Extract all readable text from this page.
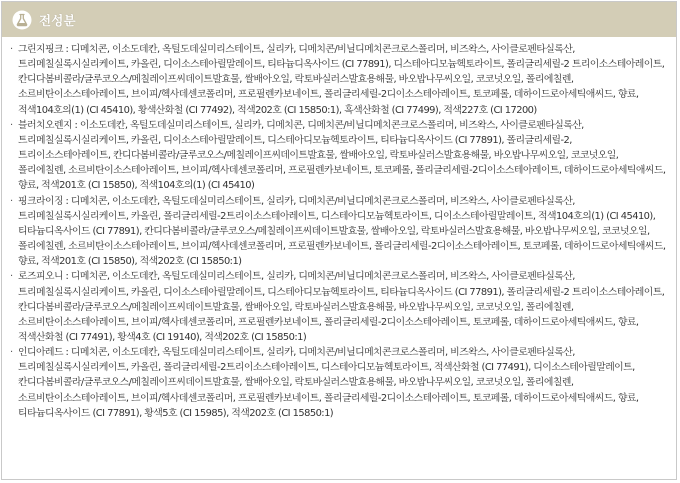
전성분
· 그린지핑크 : 디메치콘, 이소도데칸, 옥틸도데실미리스테이트, 실리카, 디메치콘/비닐디메치콘크로스폴리머, 비즈왁스, 사이클로펜타실록산, 트리메칠실록시실리케이트, 카올린, 디이소스테아릴말레이트, 티타늄디옥사이드 (CI 77891), 디스테아디모늄헥토라이트, 폴리글리세릴-2 트리이소스테아레이트, 칸디다봄비콜라/글루코오스/메칠레이프씨데이트발효물, 쌀배아오일, 락토바실러스발효용해물, 바오밥나무씨오일, 코코넛오일, 폴리에칠렌, 소르비탄이소스테아레이트, 브이피/헥사데센코폴리머, 프로필렌카보네이트, 폴리글리세릴-2디이소스테아레이트, 토코페롤, 데하이드로아세틱애씨드, 향료, 적색104호의(1) (CI 45410), 황색산화철 (CI 77492), 적색202호 (CI 15850:1), 흑색산화철 (CI 77499), 적색227호 (CI 17200)
· 블러치오렌지 : 이소도데칸, 옥틸도데실미리스테이트, 실리카, 디메치콘, 디메치콘/비닐디메치콘크로스폴리머, 비즈왁스, 사이클로펜타실록산, 트리메칠실록시실리케이트, 카올린, 디이소스테아릴말레이트, 디스테아디모늄헥토라이트, 티타늄디옥사이드 (CI 77891), 폴리글리세릴-2, 트리이소스테아레이트, 칸디다봄비콜라/글루코오스/메칠레이프씨데이트발효물, 쌀배아오일, 락토바실러스발효용해물, 바오밥나무씨오일, 코코넛오일, 폴리에칠렌, 소르비탄이소스테아레이트, 브이피/헥사데센코폴리머, 프로필렌카보네이트, 토코페롤, 폴리글리세릴-2디이소스테아레이트, 데하이드로아세틱애씨드, 향료, 적색201호 (CI 15850), 적색104호의(1) (CI 45410)
· 핑크라이징 : 디메치콘, 이소도데칸, 옥틸도데실미리스테이트, 실리카, 디메치콘/비닐디메치콘크로스폴리머, 비즈왁스, 사이클로펜타실록산, 트리메칠실록시실리케이트, 카올린, 폴리글리세릴-2트리이소스테아레이트, 디스테아디모늄헥토라이트, 디이소스테아릴말레이트, 적색104호의(1) (CI 45410), 티타늄디옥사이드 (CI 77891), 칸디다봄비콜라/글루코오스/메칠레이프씨데이트발효물, 쌀배아오일, 락토바실러스발효용해물, 바오밥나무씨오일, 코코넛오일, 폴리에칠렌, 소르비탄이소스테아레이트, 브이피/헥사데센코폴리머, 프로필렌카보네이트, 폴리글리세릴-2디이소스테아레이트, 토코페롤, 데하이드로아세틱애씨드, 향료, 적색201호 (CI 15850), 적색202호 (CI 15850:1)
· 로즈피오니 : 디메치콘, 이소도데칸, 옥틸도데실미리스테이트, 실리카, 디메치콘/비닐디메치콘크로스폴리머, 비즈왁스, 사이클로펜타실록산, 트리메칠실록시실리케이트, 카올린, 디이소스테아릴말레이트, 디스테아디모늄헥토라이트, 티타늄디옥사이드 (CI 77891), 폴리글리세릴-2 트리이소스테아레이트, 칸디다봄비콜라/글루코오스/메칠레이프씨데이트발효물, 쌀배아오일, 락토바실러스발효용해물, 바오밥나무씨오일, 코코넛오일, 폴리에칠렌, 소르비탄이소스테아레이트, 브이피/헥사데센코폴리머, 프로필렌카보네이트, 폴리글리세릴-2디이소스테아레이트, 토코페롤, 데하이드로아세틱애씨드, 향료, 적색산화철 (CI 77491), 황색4호 (CI 19140), 적색202호 (CI 15850:1)
· 인디아레드 : 디메치콘, 이소도데칸, 옥틸도데실미리스테이트, 실리카, 디메치콘/비닐디메치콘크로스폴리머, 비즈왁스, 사이클로펜타실록산, 트리메칠실록시실리케이트, 카올린, 폴리글리세릴-2트리이소스테아레이트, 디스테아디모늄헥토라이트, 적색산화철 (CI 77491), 디이소스테아릴말레이트, 칸디다봄비콜라/글루코오스/메칠레이프씨데이트발효물, 쌀배아오일, 락토바실러스발효용해물, 바오밥나무씨오일, 코코넛오일, 폴리에칠렌, 소르비탄이소스테아레이트, 브이피/헥사데센코폴리머, 프로필렌카보네이트, 폴리글리세릴-2디이소스테아레이트, 토코페롤, 데하이드로아세틱애씨드, 향료, 티타늄디옥사이드 (CI 77891), 황색5호 (CI 15985), 적색202호 (CI 15850:1)
